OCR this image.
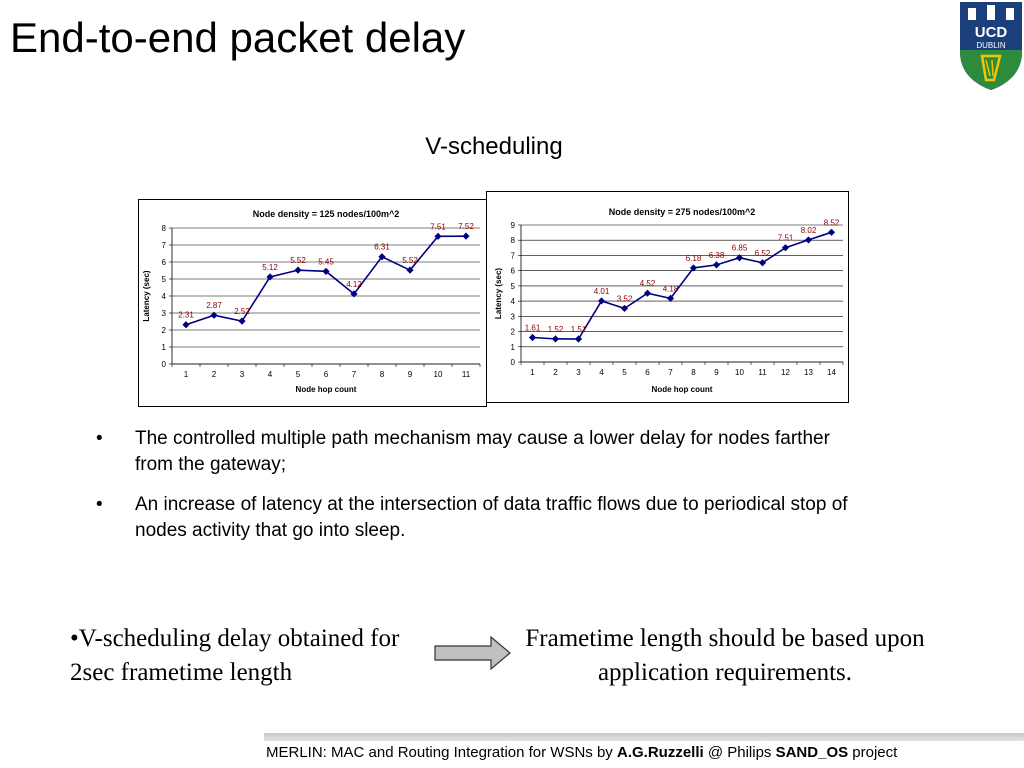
End-to-end packet delay	UCD
DUBLIN
V-scheduling
Node density = 125 nodes/100m^2
Latency (sec)
Node hop count
0
1
2
3
4
5
6
7
8
1	2	3	4	5	6	7	8	9	10 11
2.31
2.87
2.52
5.12
5.52 5.45
4.12
6.31
5.52
7.51 7.52
Node density = 275 nodes/100m^2
Latency (sec)
Node hop count
0
1
2
3
4
5
6
7
8
9
1 2 3 4 5 6 7 8 9 10 11 12 13 14
1.61 1.52 1.51
4.01
3.52
4.52
4.18
6.18 6.38
6.85
6.52
7.51
8.02
8.52
• The controlled multiple path mechanism may cause a lower delay for nodes farther from the gateway;
• An increase of latency at the intersection of data traffic flows due to periodical stop of nodes activity that go into sleep.
•V-scheduling delay obtained for 2sec frametime length
Frametime length should be based upon application requirements.
MERLIN: MAC and Routing Integration for WSNs by A.G.Ruzzelli @ Philips SAND_OS project
